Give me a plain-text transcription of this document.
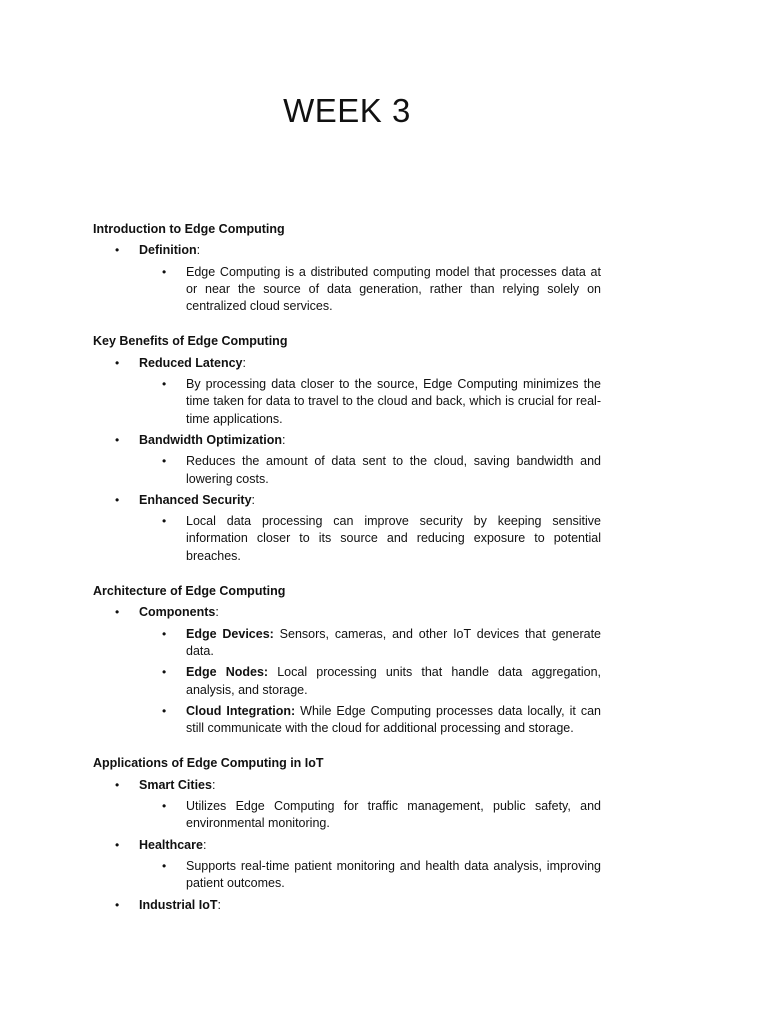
WEEK 3
Introduction to Edge Computing
• Definition:
• Edge Computing is a distributed computing model that processes data at or near the source of data generation, rather than relying solely on centralized cloud services.
Key Benefits of Edge Computing
• Reduced Latency:
• By processing data closer to the source, Edge Computing minimizes the time taken for data to travel to the cloud and back, which is crucial for real-time applications.
• Bandwidth Optimization:
• Reduces the amount of data sent to the cloud, saving bandwidth and lowering costs.
• Enhanced Security:
• Local data processing can improve security by keeping sensitive information closer to its source and reducing exposure to potential breaches.
Architecture of Edge Computing
• Components:
• Edge Devices: Sensors, cameras, and other IoT devices that generate data.
• Edge Nodes: Local processing units that handle data aggregation, analysis, and storage.
• Cloud Integration: While Edge Computing processes data locally, it can still communicate with the cloud for additional processing and storage.
Applications of Edge Computing in IoT
• Smart Cities:
• Utilizes Edge Computing for traffic management, public safety, and environmental monitoring.
• Healthcare:
• Supports real-time patient monitoring and health data analysis, improving patient outcomes.
• Industrial IoT:
